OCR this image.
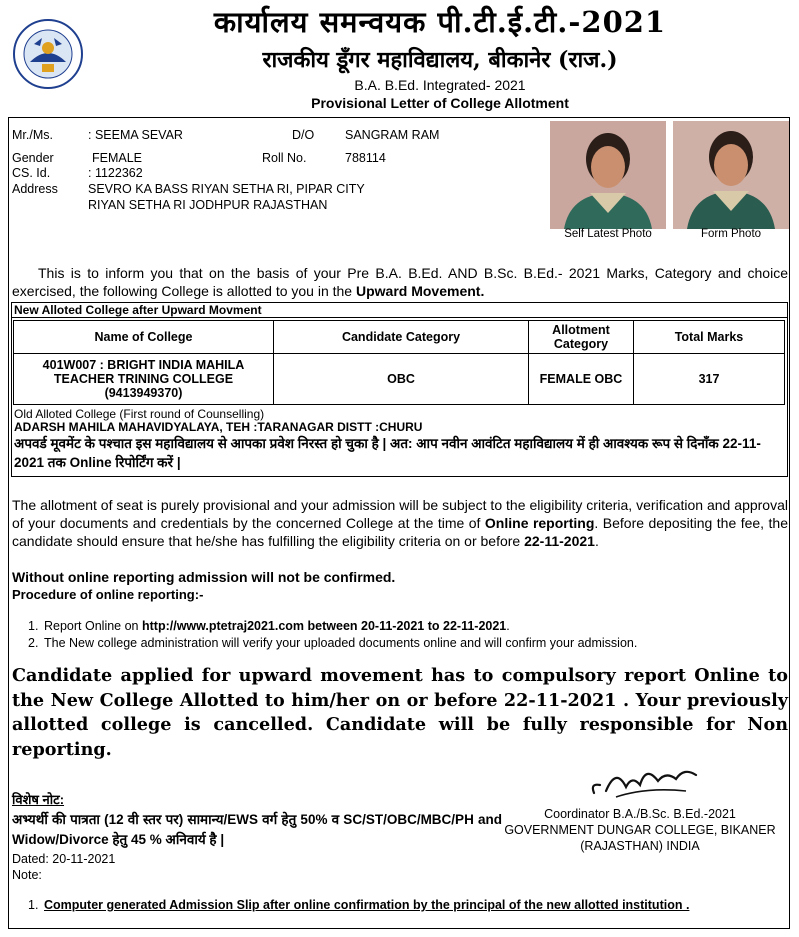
कार्यालय समन्वयक पी.टी.ई.टी.-2021
राजकीय डूँगर महाविद्यालय, बीकानेर (राज.)
B.A. B.Ed. Integrated- 2021
Provisional Letter of College Allotment
Mr./Ms.	: SEEMA SEVAR	D/O SANGRAM RAM
Gender	FEMALE	Roll No.	788114
CS. Id.	: 1122362
Address SEVRO KA BASS RIYAN SETHA RI, PIPAR CITY
RIYAN SETHA RI JODHPUR RAJASTHAN
Self Latest Photo	Form Photo
This is to inform you that on the basis of your Pre B.A. B.Ed. AND B.Sc. B.Ed.- 2021 Marks, Category and choice exercised, the following College is allotted to you in the Upward Movement.
New Alloted College after Upward Movment
Name of College	Candidate Category	Allotment Category	Total Marks
401W007 : BRIGHT INDIA MAHILA TEACHER TRINING COLLEGE (9413949370)	OBC	FEMALE OBC	317
Old Alloted College (First round of Counselling)
ADARSH MAHILA MAHAVIDYALAYA, TEH :TARANAGAR DISTT :CHURU
अपवर्ड मूवमेंट के पश्चात इस महाविद्यालय से आपका प्रवेश निरस्त हो चुका है | अत: आप नवीन आवंटित महाविद्यालय में ही आवश्यक रूप से दिनाँक 22-11-2021 तक Online रिपोर्टिंग करें |
The allotment of seat is purely provisional and your admission will be subject to the eligibility criteria, verification and approval of your documents and credentials by the concerned College at the time of Online reporting. Before depositing the fee, the candidate should ensure that he/she has fulfilling the eligibility criteria on or before 22-11-2021.
Without online reporting admission will not be confirmed.
Procedure of online reporting:-
1. Report Online on http://www.ptetraj2021.com between 20-11-2021 to 22-11-2021.
2. The New college administration will verify your uploaded documents online and will confirm your admission.
Candidate applied for upward movement has to compulsory report Online to the New College Allotted to him/her on or before 22-11-2021 . Your previously allotted college is cancelled. Candidate will be fully responsible for Non reporting.
Coordinator B.A./B.Sc. B.Ed.-2021
GOVERNMENT DUNGAR COLLEGE, BIKANER
(RAJASTHAN) INDIA
विशेष नोट:
अभ्यर्थी की पात्रता (12 वी स्तर पर) सामान्य/EWS वर्ग हेतु 50% व SC/ST/OBC/MBC/PH and Widow/Divorce हेतु 45 % अनिवार्य है |
Dated: 20-11-2021
Note:
1. Computer generated Admission Slip after online confirmation by the principal of the new allotted institution .
